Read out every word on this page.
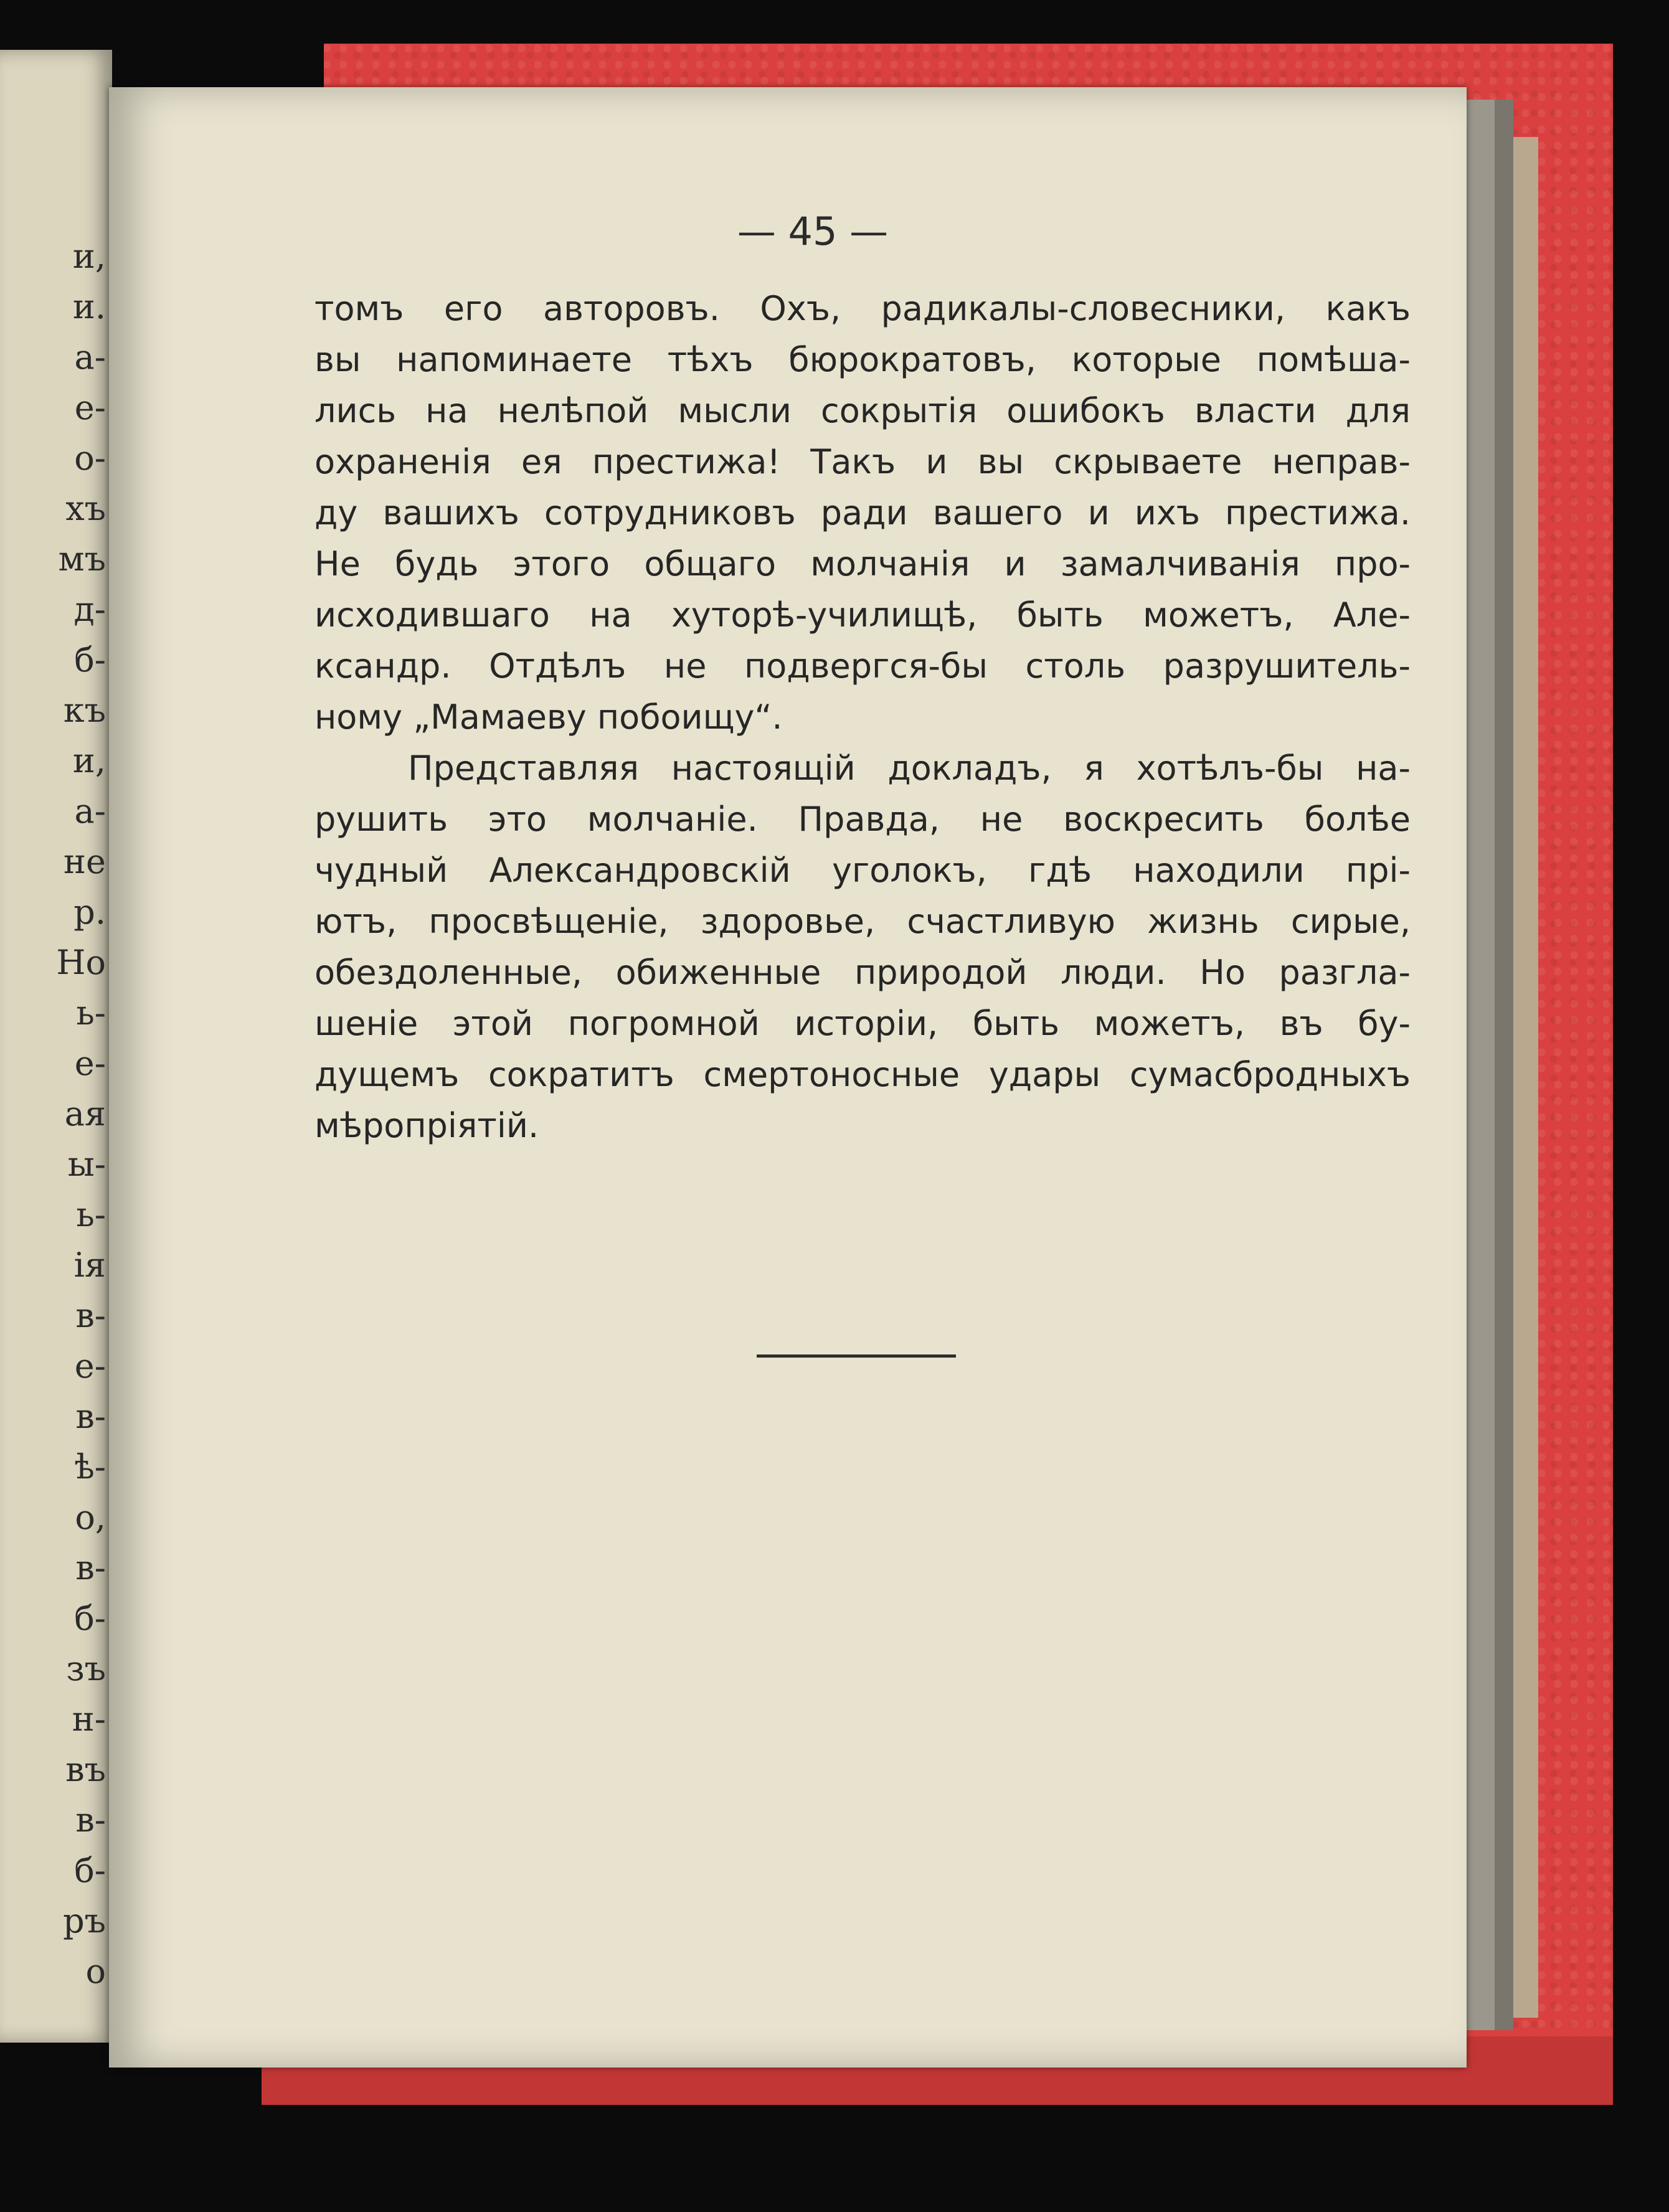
и,
и.
а-
е-
о-
хъ
мъ
д-
б-
къ
и,
а-
не
р.
Но
ь-
е-
ая
ы-
ь-
ія
в-
е-
в-
ѣ-
о,
в-
б-
зъ
н-
въ
в-
б-
ръ
о
— 45 —
томъ его авторовъ. Охъ, радикалы-словесники, какъ
вы напоминаете тѣхъ бюрократовъ, которые помѣша-
лись на нелѣпой мысли сокрытія ошибокъ власти для
охраненія ея престижа! Такъ и вы скрываете неправ-
ду вашихъ сотрудниковъ ради вашего и ихъ престижа.
Не будь этого общаго молчанія и замалчиванія про-
исходившаго на хуторѣ-училищѣ, быть можетъ, Але-
ксандр. Отдѣлъ не подвергся-бы столь разрушитель-
ному „Мамаеву побоищу“.
Представляя настоящій докладъ, я хотѣлъ-бы на-
рушить это молчаніе. Правда, не воскресить болѣе
чудный Александровскій уголокъ, гдѣ находили прі-
ютъ, просвѣщеніе, здоровье, счастливую жизнь сирые,
обездоленные, обиженные природой люди. Но разгла-
шеніе этой погромной исторіи, быть можетъ, въ бу-
дущемъ сократитъ смертоносные удары сумасбродныхъ
мѣропріятій.
